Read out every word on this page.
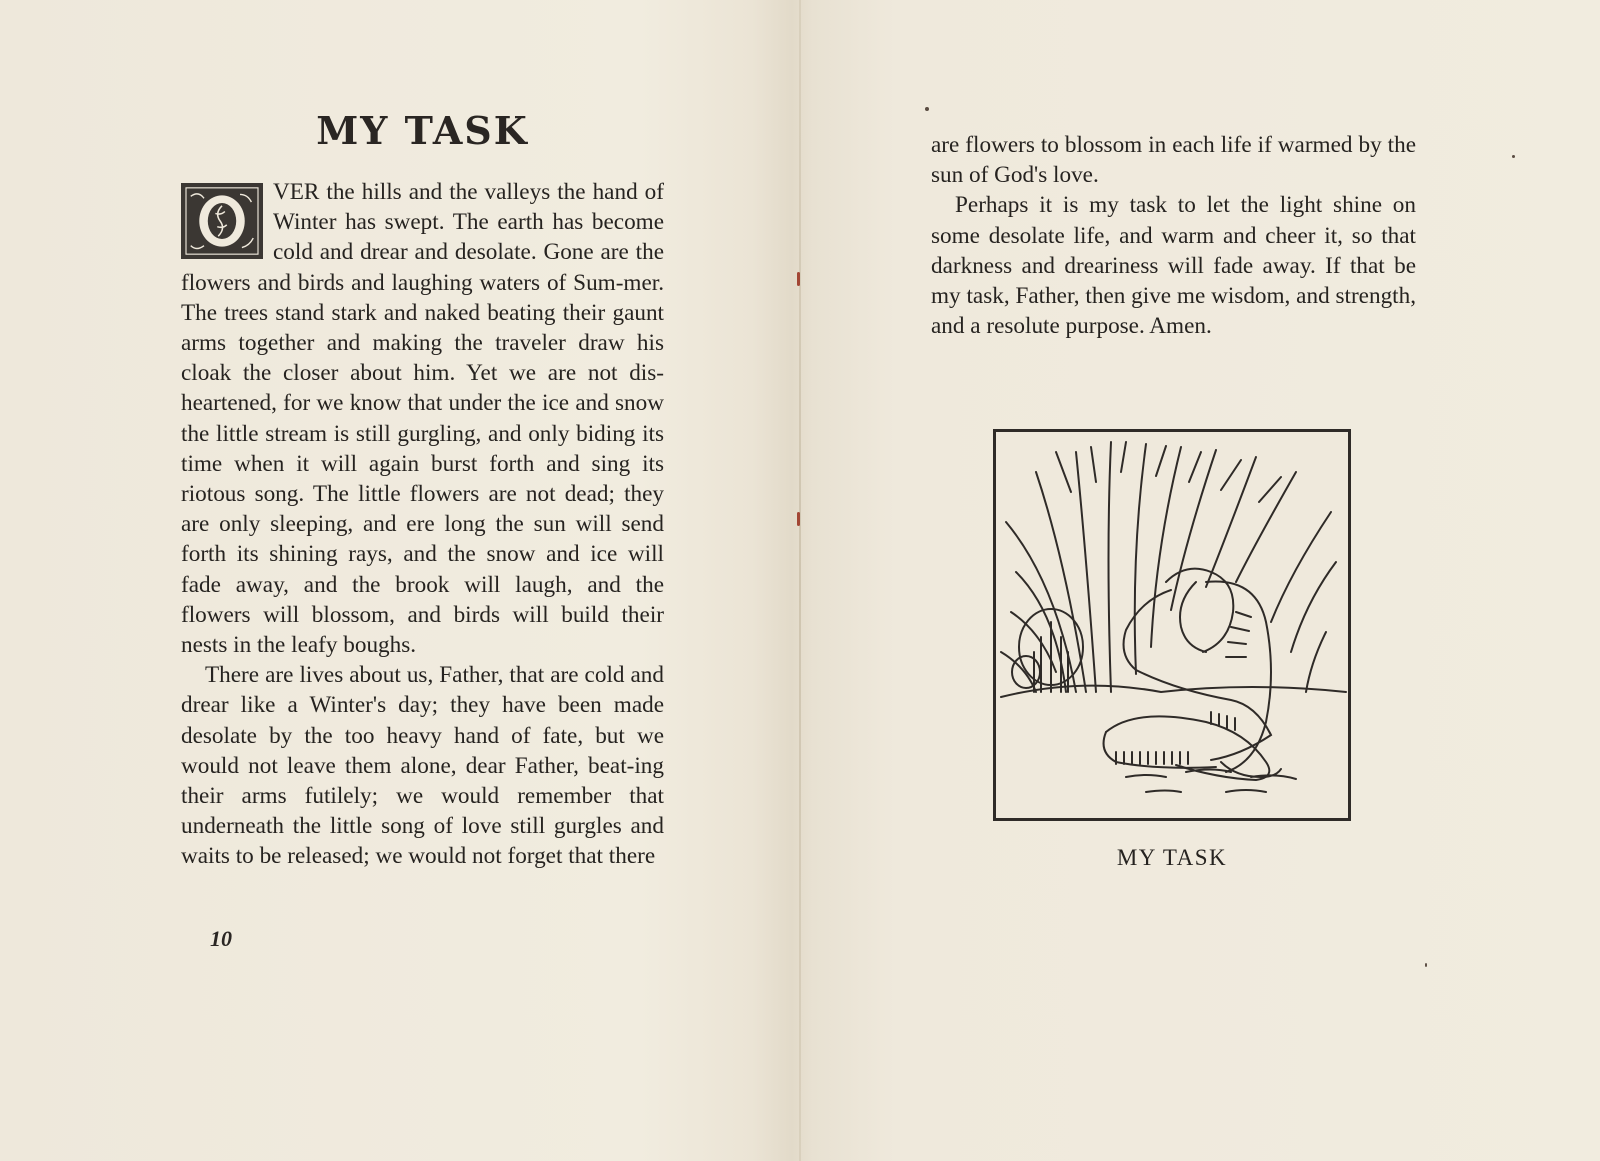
MY TASK

VER the hills and the valleys the hand of Winter has swept. The earth has become cold and drear and desolate. Gone are the flowers and birds and laughing waters of Sum‐mer. The trees stand stark and naked beating their gaunt arms together and making the traveler draw his cloak the closer about him. Yet we are not dis‐heartened, for we know that under the ice and snow the little stream is still gurgling, and only biding its time when it will again burst forth and sing its riotous song. The little flowers are not dead; they are only sleeping, and ere long the sun will send forth its shining rays, and the snow and ice will fade away, and the brook will laugh, and the flowers will blossom, and birds will build their nests in the leafy boughs.

There are lives about us, Father, that are cold and drear like a Winter's day; they have been made desolate by the too heavy hand of fate, but we would not leave them alone, dear Father, beat‐ing their arms futilely; we would remember that underneath the little song of love still gurgles and waits to be released; we would not forget that there

10

are flowers to blossom in each life if warmed by the sun of God's love.

Perhaps it is my task to let the light shine on some desolate life, and warm and cheer it, so that darkness and dreariness will fade away. If that be my task, Father, then give me wisdom, and strength, and a resolute purpose. Amen.

MY TASK
